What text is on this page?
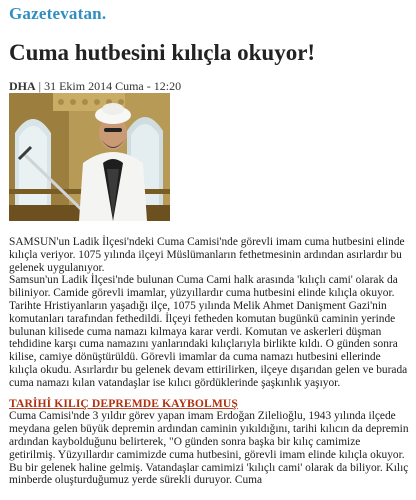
Gazetevatan.
Cuma hutbesini kılıçla okuyor!
DHA | 31 Ekim 2014 Cuma - 12:20

SAMSUN'un Ladik İlçesi'ndeki Cuma Camisi'nde görevli imam cuma hutbesini elinde kılıçla veriyor. 1075 yılında ilçeyi Müslümanların fethetmesinin ardından asırlardır bu gelenek uygulanıyor.

Samsun'un Ladik İlçesi'nde bulunan Cuma Cami halk arasında 'kılıçlı cami' olarak da biliniyor. Camide görevli imamlar, yüzyıllardır cuma hutbesini elinde kılıçla okuyor. Tarihte Hristiyanların yaşadığı ilçe, 1075 yılında Melik Ahmet Danişment Gazi'nin komutanları tarafından fethedildi. İlçeyi fetheden komutan bugünkü caminin yerinde bulunan kilisede cuma namazı kılmaya karar verdi. Komutan ve askerleri düşman tehdidine karşı cuma namazını yanlarındaki kılıçlarıyla birlikte kıldı. O günden sonra kilise, camiye dönüştürüldü. Görevli imamlar da cuma namazı hutbesini ellerinde kılıçla okudu. Asırlardır bu gelenek devam ettirilirken, ilçeye dışarıdan gelen ve burada cuma namazı kılan vatandaşlar ise kılıcı gördüklerinde şaşkınlık yaşıyor.

TARİHİ KILIÇ DEPREMDE KAYBOLMUŞ

Cuma Camisi'nde 3 yıldır görev yapan imam Erdoğan Zilelioğlu, 1943 yılında ilçede meydana gelen büyük depremin ardından caminin yıkıldığını, tarihi kılıcın da depremin ardından kaybolduğunu belirterek, "O günden sonra başka bir kılıç camimize getirilmiş. Yüzyıllardır camimizde cuma hutbesini, görevli imam elinde kılıçla okuyor. Bu bir gelenek haline gelmiş. Vatandaşlar camimizi 'kılıçlı cami' olarak da biliyor. Kılıç minberde oluşturduğumuz yerde sürekli duruyor. Cuma
